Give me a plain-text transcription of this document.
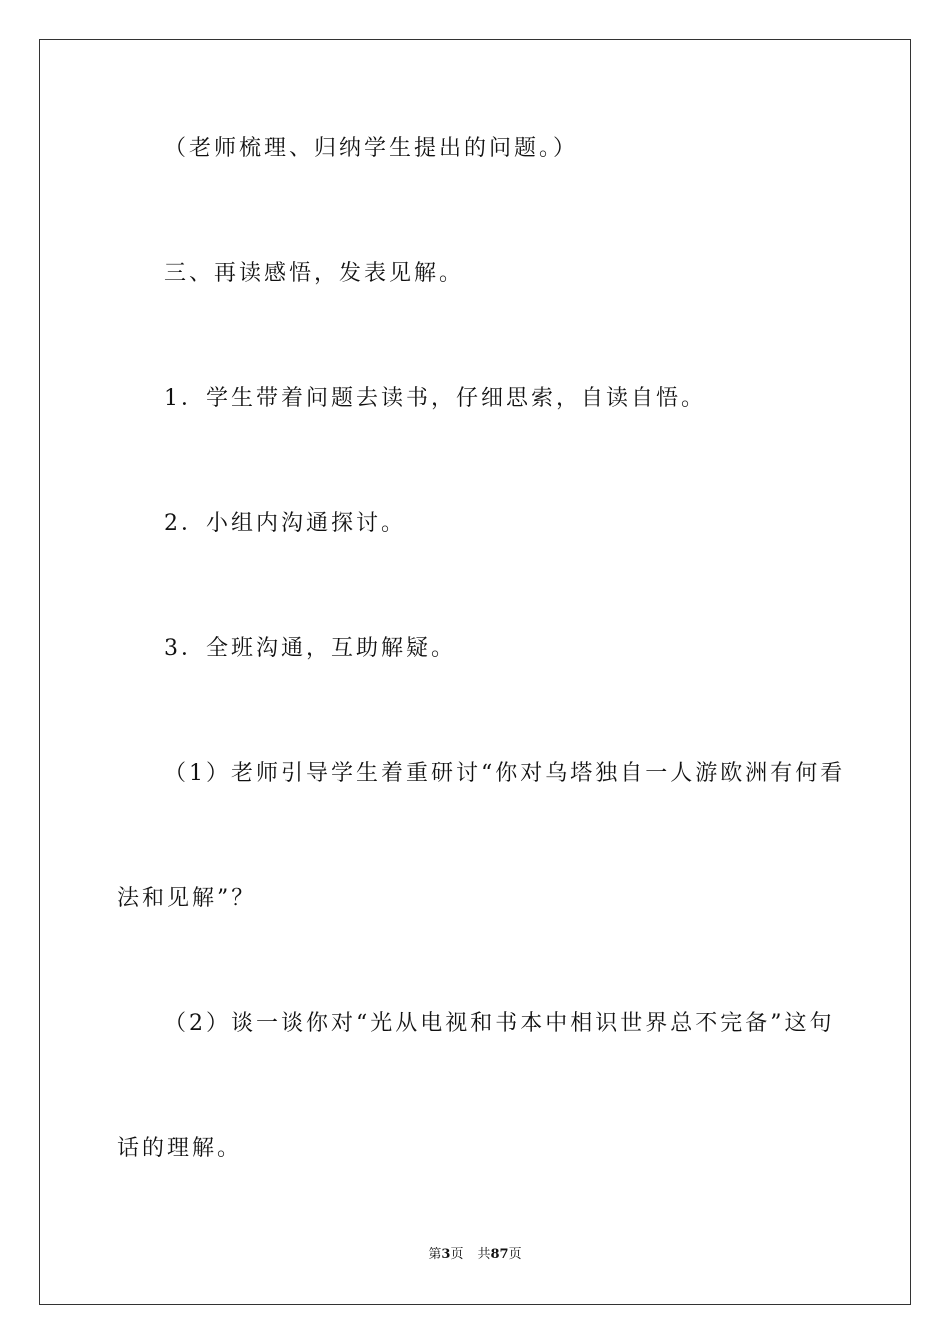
（老师梳理、归纳学生提出的问题。）
三、再读感悟，发表见解。
1．学生带着问题去读书，仔细思索，自读自悟。
2．小组内沟通探讨。
3．全班沟通，互助解疑。
（1）老师引导学生着重研讨“你对乌塔独自一人游欧洲有何看
法和见解”？
（2）谈一谈你对“光从电视和书本中相识世界总不完备”这句
话的理解。
第3页 共87页
